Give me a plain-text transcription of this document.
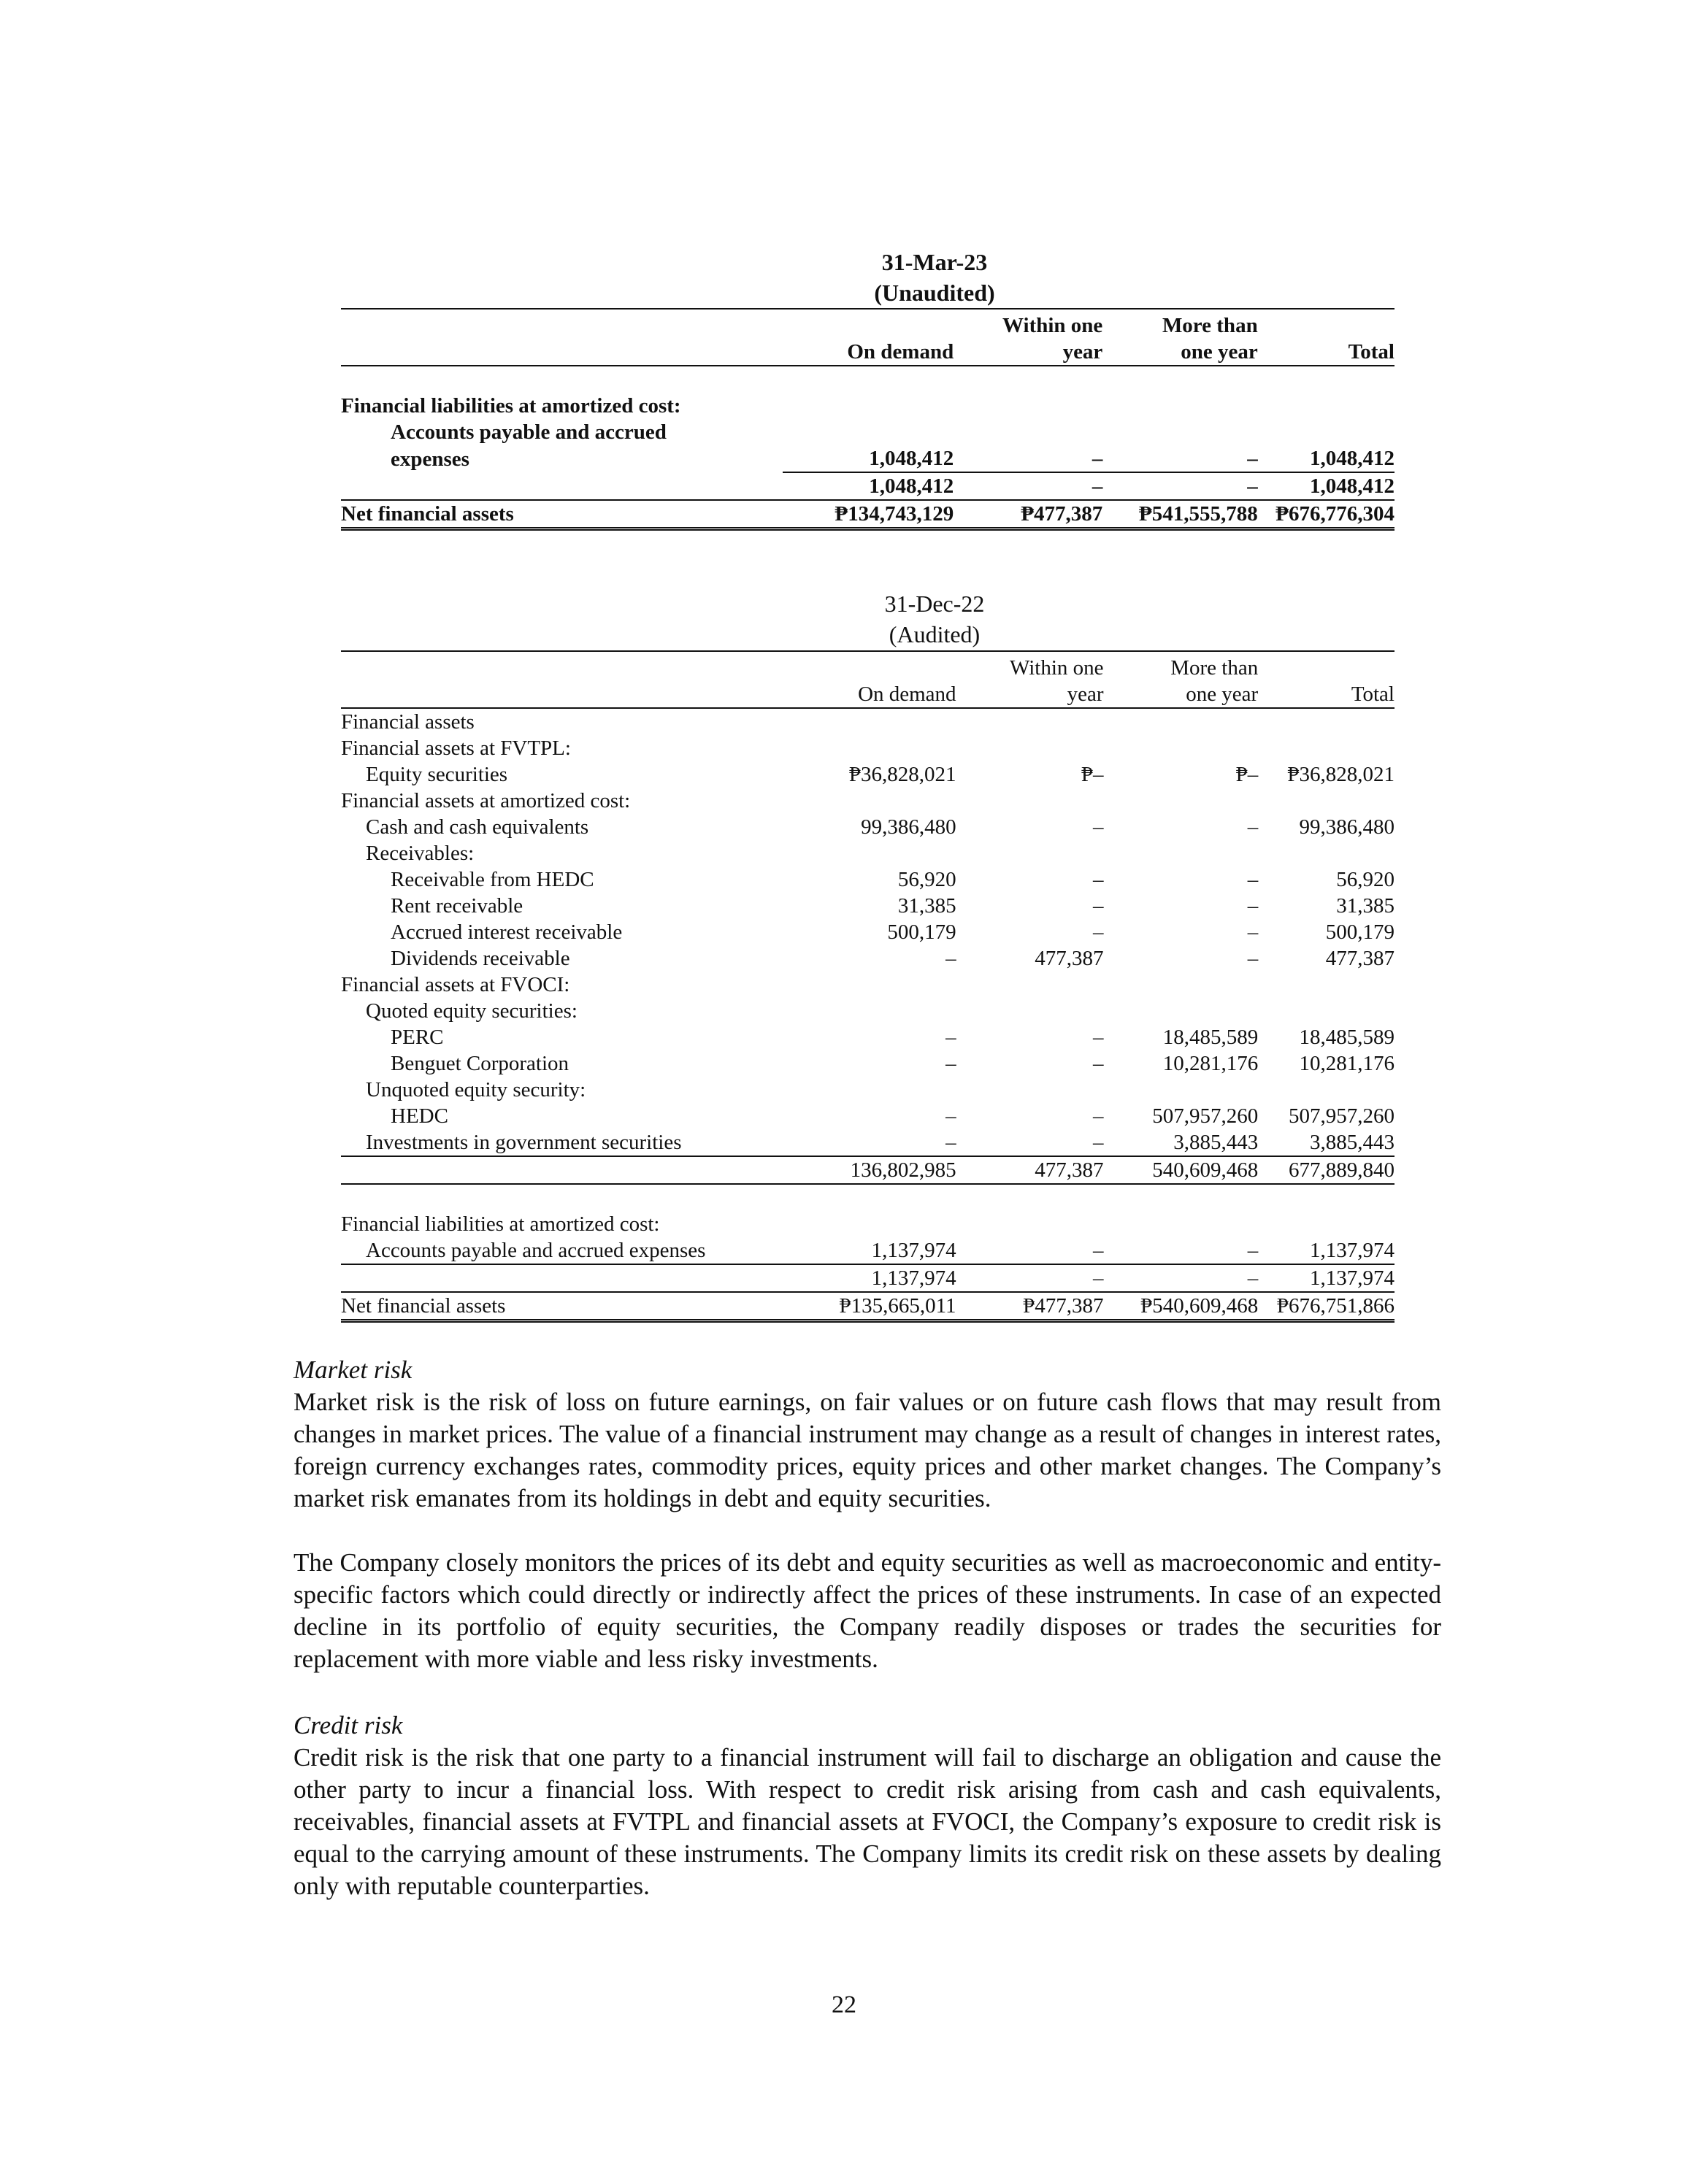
31-Mar-23
(Unaudited)
		Within one	More than	
	On demand	year	one year	Total

Financial liabilities at amortized cost:				
Accounts payable and accrued				
expenses	1,048,412	–	–	1,048,412
	1,048,412	–	–	1,048,412
Net financial assets	₱134,743,129	₱477,387	₱541,555,788	₱676,776,304
31-Dec-22
(Audited)
		Within one	More than	
	On demand	year	one year	Total
Financial assets				
Financial assets at FVTPL:				
Equity securities	₱36,828,021	₱–	₱–	₱36,828,021
Financial assets at amortized cost:				
Cash and cash equivalents	99,386,480	–	–	99,386,480
Receivables:				
Receivable from HEDC	56,920	–	–	56,920
Rent receivable	31,385	–	–	31,385
Accrued interest receivable	500,179	–	–	500,179
Dividends receivable	–	477,387	–	477,387
Financial assets at FVOCI:				
Quoted equity securities:				
PERC	–	–	18,485,589	18,485,589
Benguet Corporation	–	–	10,281,176	10,281,176
Unquoted equity security:				
HEDC	–	–	507,957,260	507,957,260
Investments in government securities	–	–	3,885,443	3,885,443
	136,802,985	477,387	540,609,468	677,889,840

Financial liabilities at amortized cost:				
Accounts payable and accrued expenses	1,137,974	–	–	1,137,974
	1,137,974	–	–	1,137,974
Net financial assets	₱135,665,011	₱477,387	₱540,609,468	₱676,751,866
Market risk
Market risk is the risk of loss on future earnings, on fair values or on future cash flows that may result from changes in market prices. The value of a financial instrument may change as a result of changes in interest rates, foreign currency exchanges rates, commodity prices, equity prices and other market changes. The Company’s market risk emanates from its holdings in debt and equity securities.
The Company closely monitors the prices of its debt and equity securities as well as macroeconomic and entity-specific factors which could directly or indirectly affect the prices of these instruments. In case of an expected decline in its portfolio of equity securities, the Company readily disposes or trades the securities for replacement with more viable and less risky investments.
Credit risk
Credit risk is the risk that one party to a financial instrument will fail to discharge an obligation and cause the other party to incur a financial loss. With respect to credit risk arising from cash and cash equivalents, receivables, financial assets at FVTPL and financial assets at FVOCI, the Company’s exposure to credit risk is equal to the carrying amount of these instruments. The Company limits its credit risk on these assets by dealing only with reputable counterparties.
22
